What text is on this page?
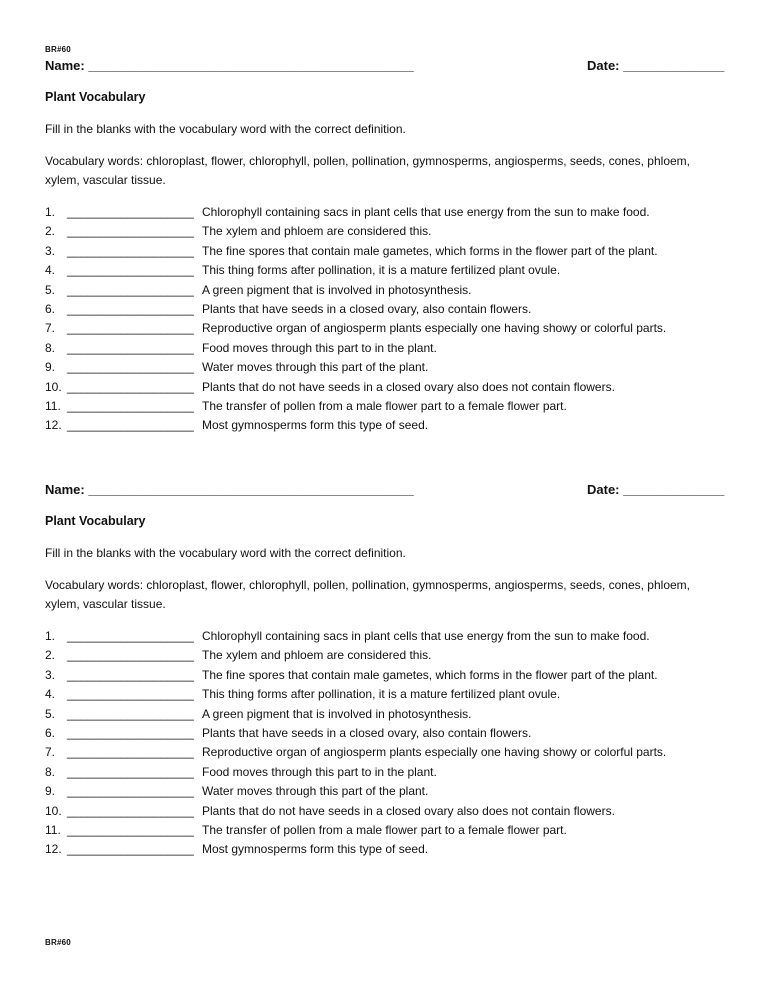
BR#60
Name: _____________________________________________	Date: ______________
Plant Vocabulary
Fill in the blanks with the vocabulary word with the correct definition.
Vocabulary words: chloroplast, flower, chlorophyll, pollen, pollination, gymnosperms, angiosperms, seeds, cones, phloem, xylem, vascular tissue.
1. ___________________ Chlorophyll containing sacs in plant cells that use energy from the sun to make food.
2. ___________________ The xylem and phloem are considered this.
3. ___________________ The fine spores that contain male gametes, which forms in the flower part of the plant.
4. ___________________ This thing forms after pollination, it is a mature fertilized plant ovule.
5. ___________________ A green pigment that is involved in photosynthesis.
6. ___________________ Plants that have seeds in a closed ovary, also contain flowers.
7. ___________________ Reproductive organ of angiosperm plants especially one having showy or colorful parts.
8. ___________________ Food moves through this part to in the plant.
9. ___________________ Water moves through this part of the plant.
10. ___________________ Plants that do not have seeds in a closed ovary also does not contain flowers.
11. ___________________ The transfer of pollen from a male flower part to a female flower part.
12. ___________________ Most gymnosperms form this type of seed.
Name: _____________________________________________	Date: ______________
Plant Vocabulary
Fill in the blanks with the vocabulary word with the correct definition.
Vocabulary words: chloroplast, flower, chlorophyll, pollen, pollination, gymnosperms, angiosperms, seeds, cones, phloem, xylem, vascular tissue.
1. ___________________ Chlorophyll containing sacs in plant cells that use energy from the sun to make food.
2. ___________________ The xylem and phloem are considered this.
3. ___________________ The fine spores that contain male gametes, which forms in the flower part of the plant.
4. ___________________ This thing forms after pollination, it is a mature fertilized plant ovule.
5. ___________________ A green pigment that is involved in photosynthesis.
6. ___________________ Plants that have seeds in a closed ovary, also contain flowers.
7. ___________________ Reproductive organ of angiosperm plants especially one having showy or colorful parts.
8. ___________________ Food moves through this part to in the plant.
9. ___________________ Water moves through this part of the plant.
10. ___________________ Plants that do not have seeds in a closed ovary also does not contain flowers.
11. ___________________ The transfer of pollen from a male flower part to a female flower part.
12. ___________________ Most gymnosperms form this type of seed.
BR#60
